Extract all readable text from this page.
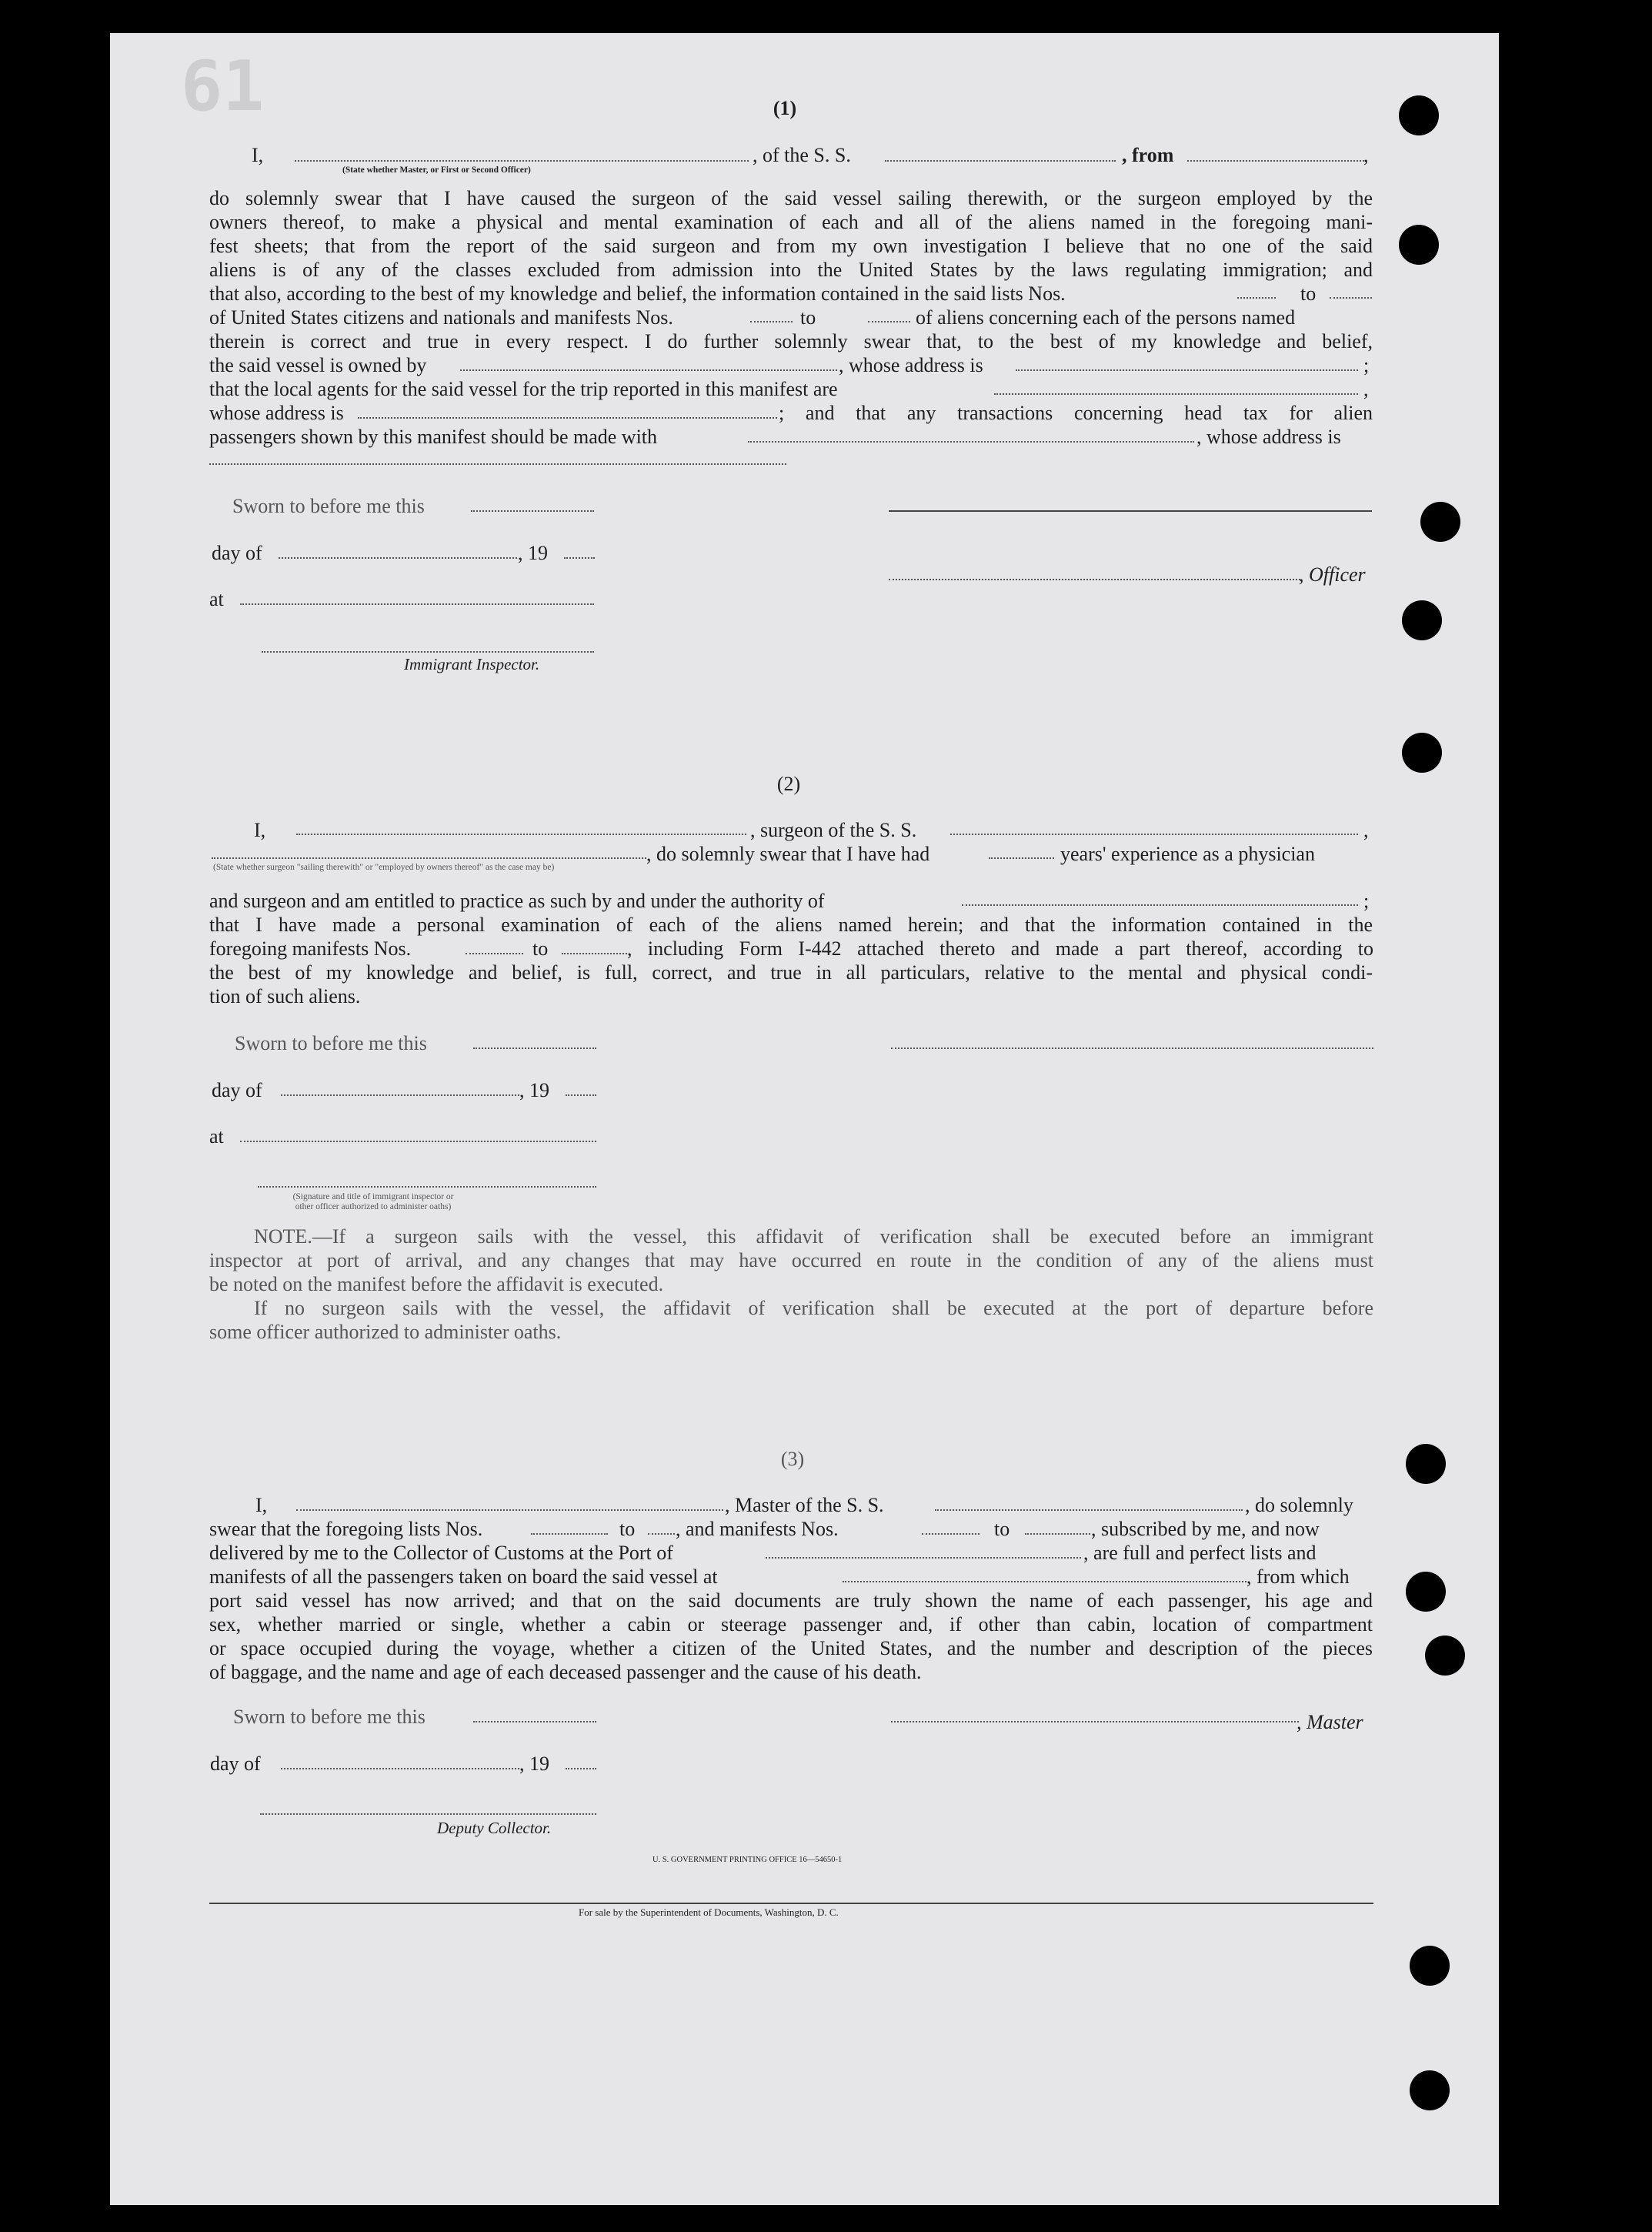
61	(1)
I,	, of the S. S.	, from	,
(State whether Master, or First or Second Officer)
do solemnly swear that I have caused the surgeon of the said vessel sailing therewith, or the surgeon employed by the
owners thereof, to make a physical and mental examination of each and all of the aliens named in the foregoing mani-
fest sheets; that from the report of the said surgeon and from my own investigation I believe that no one of the said
aliens is of any of the classes excluded from admission into the United States by the laws regulating immigration; and
that also, according to the best of my knowledge and belief, the information contained in the said lists Nos.	to
of United States citizens and nationals and manifests Nos.	to	of aliens concerning each of the persons named
therein is correct and true in every respect. I do further solemnly swear that, to the best of my knowledge and belief,
the said vessel is owned by	, whose address is	;
that the local agents for the said vessel for the trip reported in this manifest are	,
whose address is	; and that any transactions concerning head tax for alien
passengers shown by this manifest should be made with	, whose address is
Sworn to before me this
day of	, 19
, Officer
at
Immigrant Inspector.
(2)
I,	, surgeon of the S. S.	,
, do solemnly swear that I have had	years' experience as a physician
(State whether surgeon "sailing therewith" or "employed by owners thereof" as the case may be)
and surgeon and am entitled to practice as such by and under the authority of	;
that I have made a personal examination of each of the aliens named herein; and that the information contained in the
foregoing manifests Nos.	to	, including Form I-442 attached thereto and made a part thereof, according to
the best of my knowledge and belief, is full, correct, and true in all particulars, relative to the mental and physical condi-
tion of such aliens.
Sworn to before me this
day of	, 19
at
(Signature and title of immigrant inspector or
other officer authorized to administer oaths)
NOTE.—If a surgeon sails with the vessel, this affidavit of verification shall be executed before an immigrant
inspector at port of arrival, and any changes that may have occurred en route in the condition of any of the aliens must
be noted on the manifest before the affidavit is executed.
If no surgeon sails with the vessel, the affidavit of verification shall be executed at the port of departure before
some officer authorized to administer oaths.
(3)
I,	, Master of the S. S.	, do solemnly
swear that the foregoing lists Nos.	to , and manifests Nos.	to	, subscribed by me, and now
delivered by me to the Collector of Customs at the Port of	, are full and perfect lists and
manifests of all the passengers taken on board the said vessel at	, from which
port said vessel has now arrived; and that on the said documents are truly shown the name of each passenger, his age and
sex, whether married or single, whether a cabin or steerage passenger and, if other than cabin, location of compartment
or space occupied during the voyage, whether a citizen of the United States, and the number and description of the pieces
of baggage, and the name and age of each deceased passenger and the cause of his death.
Sworn to before me this	, Master
day of	, 19
Deputy Collector.
U. S. GOVERNMENT PRINTING OFFICE 16—54650-1
For sale by the Superintendent of Documents, Washington, D. C.
